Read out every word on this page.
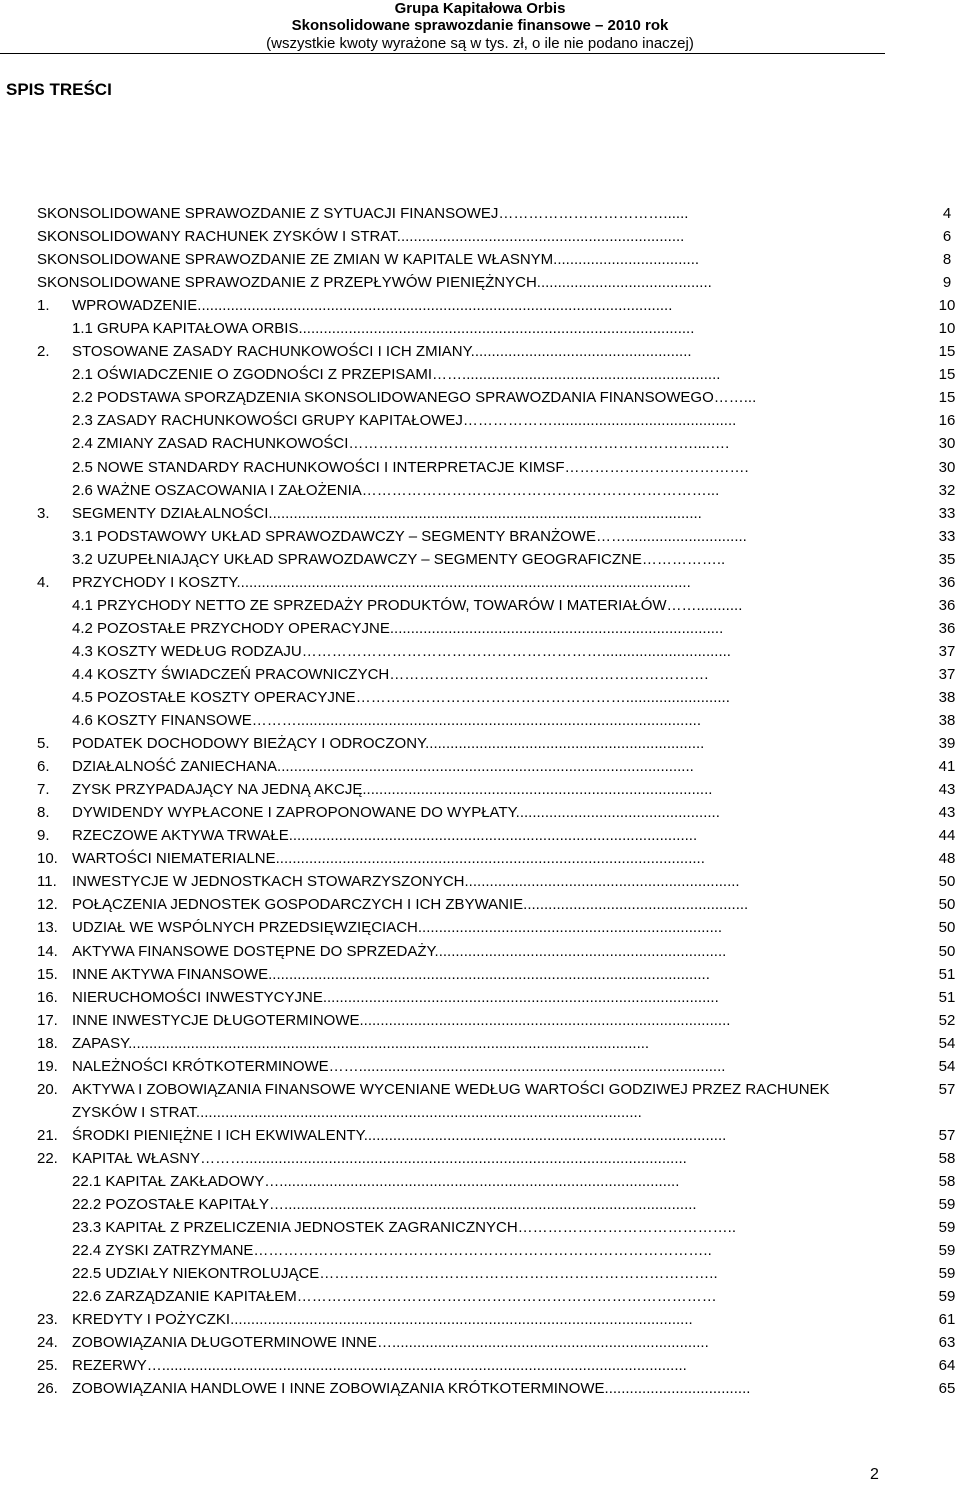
Grupa Kapitałowa Orbis
Skonsolidowane sprawozdanie finansowe – 2010 rok
(wszystkie kwoty wyrażone są w tys. zł, o ile nie podano inaczej)
SPIS TREŚCI
SKONSOLIDOWANE SPRAWOZDANIE Z SYTUACJI FINANSOWEJ……………………………......	4
SKONSOLIDOWANY RACHUNEK ZYSKÓW I STRAT.....................................................................	6
SKONSOLIDOWANE SPRAWOZDANIE ZE ZMIAN W KAPITALE WŁASNYM...................................	8
SKONSOLIDOWANE SPRAWOZDANIE Z PRZEPŁYWÓW PIENIĘŻNYCH..........................................	9
1. WPROWADZENIE..................................................................................................................	10
1.1 GRUPA KAPITAŁOWA ORBIS...............................................................................................	10
2. STOSOWANE ZASADY RACHUNKOWOŚCI I ICH ZMIANY.....................................................	15
2.1 OŚWIADCZENIE O ZGODNOŚCI Z PRZEPISAMI……..............................................................	15
2.2 PODSTAWA SPORZĄDZENIA SKONSOLIDOWANEGO SPRAWOZDANIA FINANSOWEGO……...	15
2.3 ZASADY RACHUNKOWOŚCI GRUPY KAPITAŁOWEJ………………............................................	16
2.4 ZMIANY ZASAD RACHUNKOWOŚCI……………………………………………………………....….	30
2.5 NOWE STANDARDY RACHUNKOWOŚCI I INTERPRETACJE KIMSF……………………………….	30
2.6 WAŻNE OSZACOWANIA I ZAŁOŻENIA……………………………………………………………...	32
3. SEGMENTY DZIAŁALNOŚCI........................................................................................................	33
3.1 PODSTAWOWY UKŁAD SPRAWOZDAWCZY – SEGMENTY BRANŻOWE…….............................	33
3.2 UZUPEŁNIAJĄCY UKŁAD SPRAWOZDAWCZY – SEGMENTY GEOGRAFICZNE……………..	35
4. PRZYCHODY I KOSZTY.............................................................................................................	36
4.1 PRZYCHODY NETTO ZE SPRZEDAŻY PRODUKTÓW, TOWARÓW I MATERIAŁÓW……...........	36
4.2 POZOSTAŁE PRZYCHODY OPERACYJNE................................................................................	36
4.3 KOSZTY WEDŁUG RODZAJU……………………………………………………...............................	37
4.4 KOSZTY ŚWIADCZEŃ PRACOWNICZYCH……………………………………………………….	37
4.5 POZOSTAŁE KOSZTY OPERACYJNE……………………………………………….........................	38
4.6 KOSZTY FINANSOWE……….................................................................................................	38
5. PODATEK DOCHODOWY BIEŻĄCY I ODROCZONY...................................................................	39
6. DZIAŁALNOŚĆ ZANIECHANA....................................................................................................	41
7. ZYSK PRZYPADAJĄCY NA JEDNĄ AKCJĘ....................................................................................	43
8. DYWIDENDY WYPŁACONE I ZAPROPONOWANE DO WYPŁATY.................................................	43
9. RZECZOWE AKTYWA TRWAŁE..................................................................................................	44
10. WARTOŚCI NIEMATERIALNE.......................................................................................................	48
11. INWESTYCJE W JEDNOSTKACH STOWARZYSZONYCH..................................................................	50
12. POŁĄCZENIA JEDNOSTEK GOSPODARCZYCH I ICH ZBYWANIE......................................................	50
13. UDZIAŁ WE WSPÓLNYCH PRZEDSIĘWZIĘCIACH.........................................................................	50
14. AKTYWA FINANSOWE DOSTĘPNE DO SPRZEDAŻY......................................................................	50
15. INNE AKTYWA FINANSOWE..........................................................................................................	51
16. NIERUCHOMOŚCI INWESTYCYJNE...............................................................................................	51
17. INNE INWESTYCJE DŁUGOTERMINOWE.........................................................................................	52
18. ZAPASY.............................................................................................................................	54
19. NALEŻNOŚCI KRÓTKOTERMINOWE……........................................................................................	54
20. AKTYWA I ZOBOWIĄZANIA FINANSOWE WYCENIANE WEDŁUG WARTOŚCI GODZIWEJ PRZEZ RACHUNEK ZYSKÓW I STRAT...........................................................................................................
57
21. ŚRODKI PIENIĘŻNE I ICH EKWIWALENTY.......................................................................................	57
22. KAPITAŁ WŁASNY………..........................................................................................................	58
22.1 KAPITAŁ ZAKŁADOWY…................................................................................................	58
22.2 POZOSTAŁE KAPITAŁY…...................................................................................................	59
23.3 KAPITAŁ Z PRZELICZENIA JEDNOSTEK ZAGRANICZNYCH……………………………………..	59
22.4 ZYSKI ZATRZYMANE………………………………………………………………………………..	59
22.5 UDZIAŁY NIEKONTROLUJĄCE……………………………………………………………………..	59
22.6 ZARZĄDZANIE KAPITAŁEM…………………………………………………………………………	59
23. KREDYTY I POŻYCZKI...............................................................................................................	61
24. ZOBOWIĄZANIA DŁUGOTERMINOWE INNE…............................................................................	63
25. REZERWY…..............................................................................................................................	64
26. ZOBOWIĄZANIA HANDLOWE I INNE ZOBOWIĄZANIA KRÓTKOTERMINOWE...................................	65
2
